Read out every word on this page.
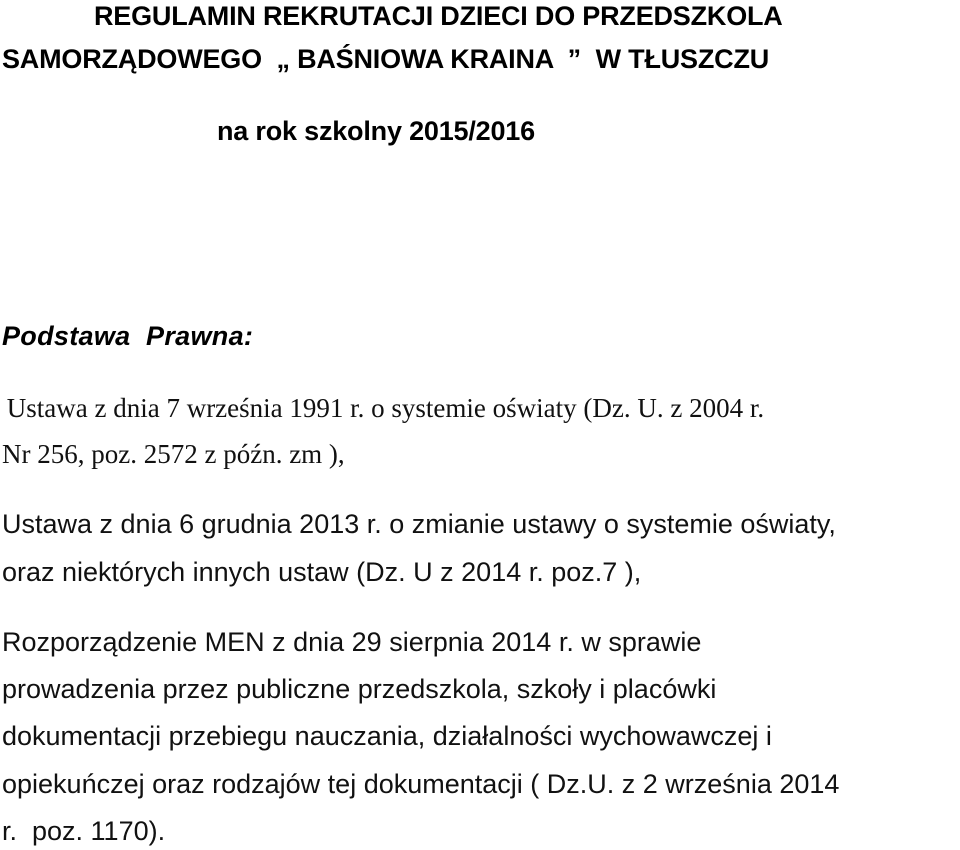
REGULAMIN REKRUTACJI DZIECI DO PRZEDSZKOLA
SAMORZĄDOWEGO  „ BAŚNIOWA KRAINA  ”  W TŁUSZCZU
na rok szkolny 2015/2016
Podstawa  Prawna:
Ustawa z dnia 7 września 1991 r. o systemie oświaty (Dz. U. z 2004 r.
Nr 256, poz. 2572 z późn. zm ),
Ustawa z dnia 6 grudnia 2013 r. o zmianie ustawy o systemie oświaty,
oraz niektórych innych ustaw (Dz. U z 2014 r. poz.7 ),
Rozporządzenie MEN z dnia 29 sierpnia 2014 r. w sprawie
prowadzenia przez publiczne przedszkola, szkoły i placówki
dokumentacji przebiegu nauczania, działalności wychowawczej i
opiekuńczej oraz rodzajów tej dokumentacji ( Dz.U. z 2 września 2014
r.  poz. 1170).
